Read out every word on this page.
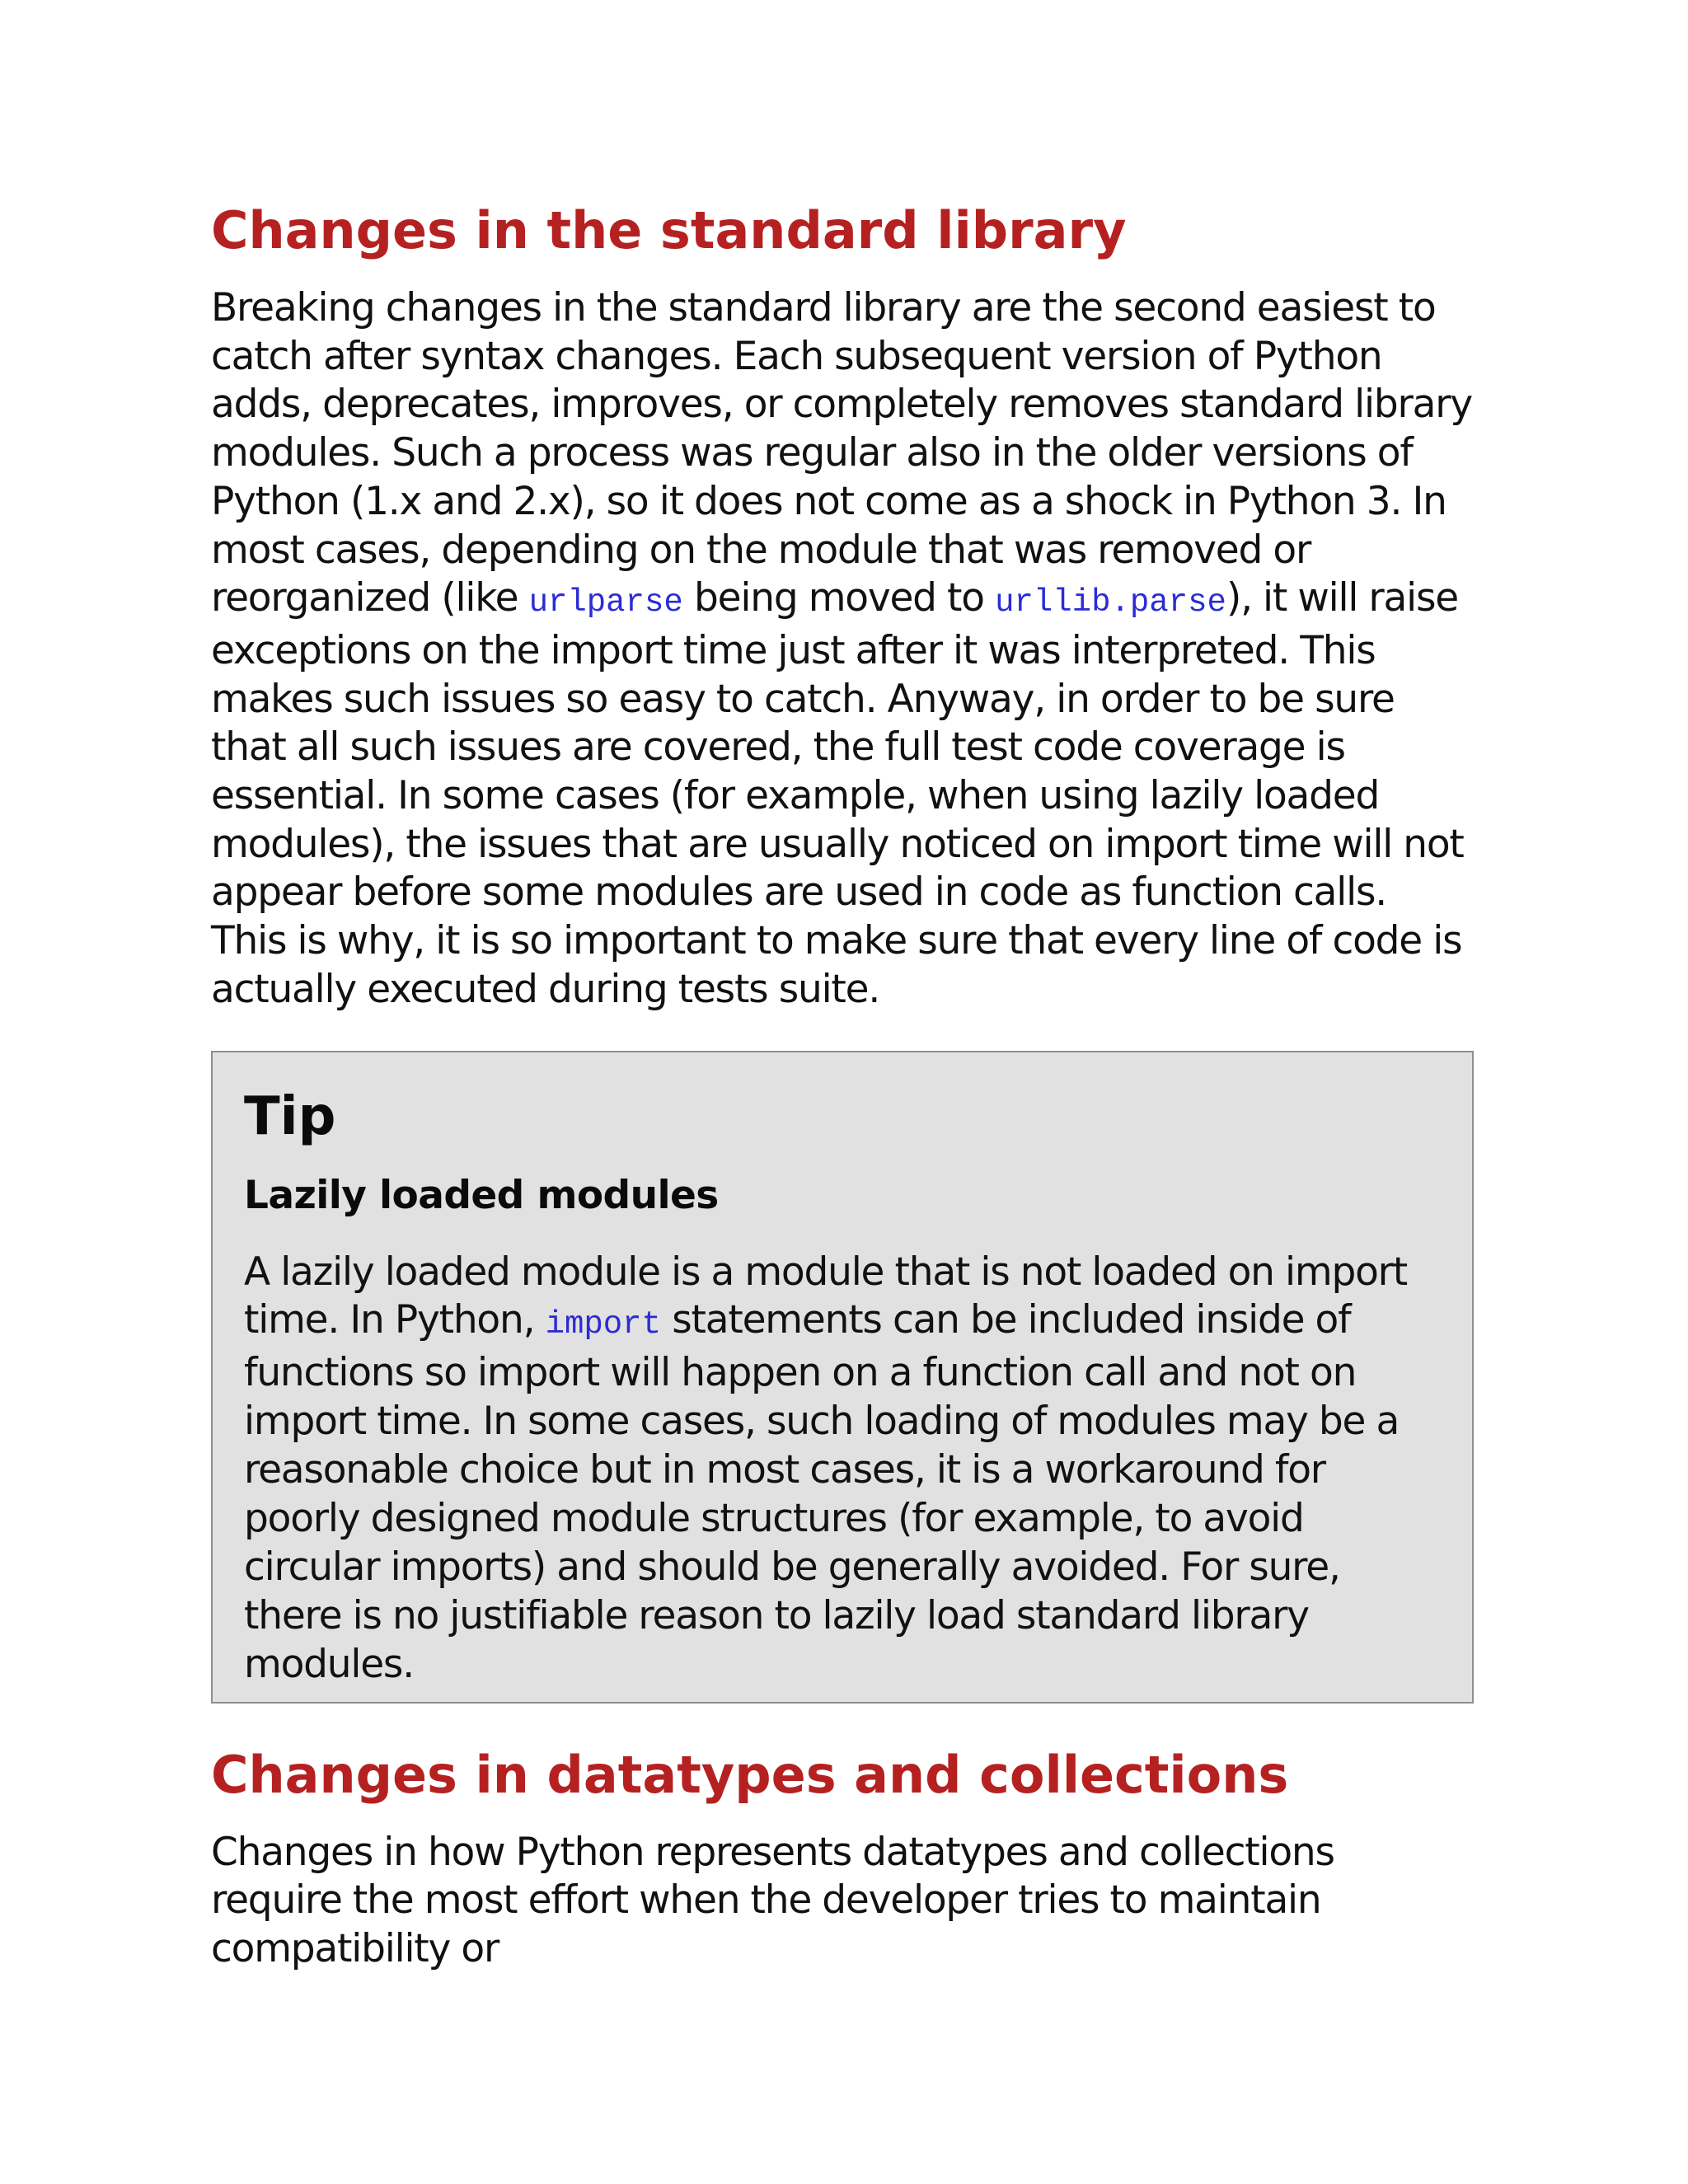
Changes in the standard library

Breaking changes in the standard library are the second easiest to catch after syntax changes. Each subsequent version of Python adds, deprecates, improves, or completely removes standard library modules. Such a process was regular also in the older versions of Python (1.x and 2.x), so it does not come as a shock in Python 3. In most cases, depending on the module that was removed or reorganized (like urlparse being moved to urllib.parse), it will raise exceptions on the import time just after it was interpreted. This makes such issues so easy to catch. Anyway, in order to be sure that all such issues are covered, the full test code coverage is essential. In some cases (for example, when using lazily loaded modules), the issues that are usually noticed on import time will not appear before some modules are used in code as function calls. This is why, it is so important to make sure that every line of code is actually executed during tests suite.

Tip
Lazily loaded modules

A lazily loaded module is a module that is not loaded on import time. In Python, import statements can be included inside of functions so import will happen on a function call and not on import time. In some cases, such loading of modules may be a reasonable choice but in most cases, it is a workaround for poorly designed module structures (for example, to avoid circular imports) and should be generally avoided. For sure, there is no justifiable reason to lazily load standard library modules.

Changes in datatypes and collections

Changes in how Python represents datatypes and collections require the most effort when the developer tries to maintain compatibility or
